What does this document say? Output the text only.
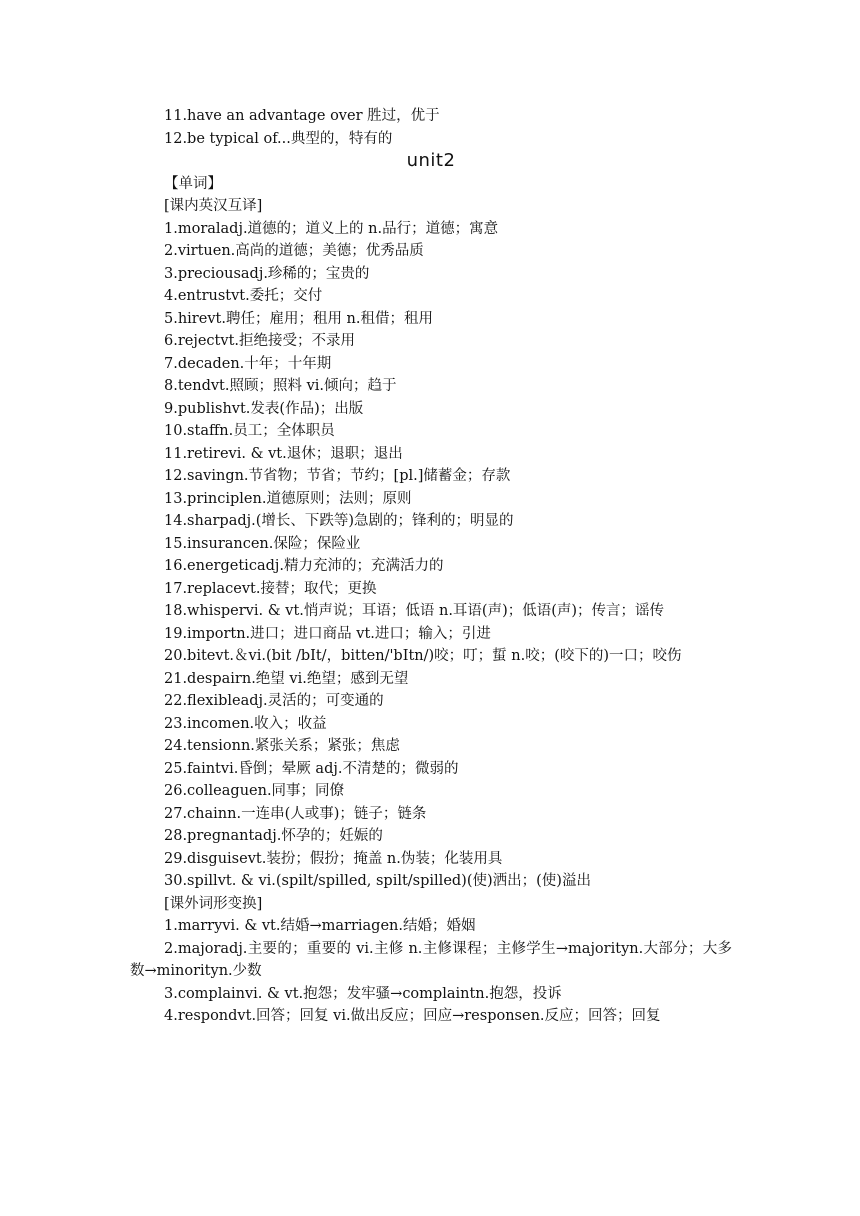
11.have an advantage over 胜过，优于
12.be typical of...典型的，特有的
unit2
【单词】
[课内英汉互译]
1.moraladj.道德的；道义上的 n.品行；道德；寓意
2.virtuen.高尚的道德；美德；优秀品质
3.preciousadj.珍稀的；宝贵的
4.entrustvt.委托；交付
5.hirevt.聘任；雇用；租用 n.租借；租用
6.rejectvt.拒绝接受；不录用
7.decaden.十年；十年期
8.tendvt.照顾；照料 vi.倾向；趋于
9.publishvt.发表(作品)；出版
10.staffn.员工；全体职员
11.retirevi. & vt.退休；退职；退出
12.savingn.节省物；节省；节约；[pl.]储蓄金；存款
13.principlen.道德原则；法则；原则
14.sharpadj.(增长、下跌等)急剧的；锋利的；明显的
15.insurancen.保险；保险业
16.energeticadj.精力充沛的；充满活力的
17.replacevt.接替；取代；更换
18.whispervi. & vt.悄声说；耳语；低语 n.耳语(声)；低语(声)；传言；谣传
19.importn.进口；进口商品 vt.进口；输入；引进
20.bitevt.＆vi.(bit /bIt/，bitten/'bItn/)咬；叮；蜇 n.咬；(咬下的)一口；咬伤
21.despairn.绝望 vi.绝望；感到无望
22.flexibleadj.灵活的；可变通的
23.incomen.收入；收益
24.tensionn.紧张关系；紧张；焦虑
25.faintvi.昏倒；晕厥 adj.不清楚的；微弱的
26.colleaguen.同事；同僚
27.chainn.一连串(人或事)；链子；链条
28.pregnantadj.怀孕的；妊娠的
29.disguisevt.装扮；假扮；掩盖 n.伪装；化装用具
30.spillvt. & vi.(spilt/spilled, spilt/spilled)(使)洒出；(使)溢出
[课外词形变换]
1.marryvi. & vt.结婚→marriagen.结婚；婚姻
2.majoradj.主要的；重要的 vi.主修 n.主修课程；主修学生→majorityn.大部分；大多数→minorityn.少数
3.complainvi. & vt.抱怨；发牢骚→complaintn.抱怨，投诉
4.respondvt.回答；回复 vi.做出反应；回应→responsen.反应；回答；回复
